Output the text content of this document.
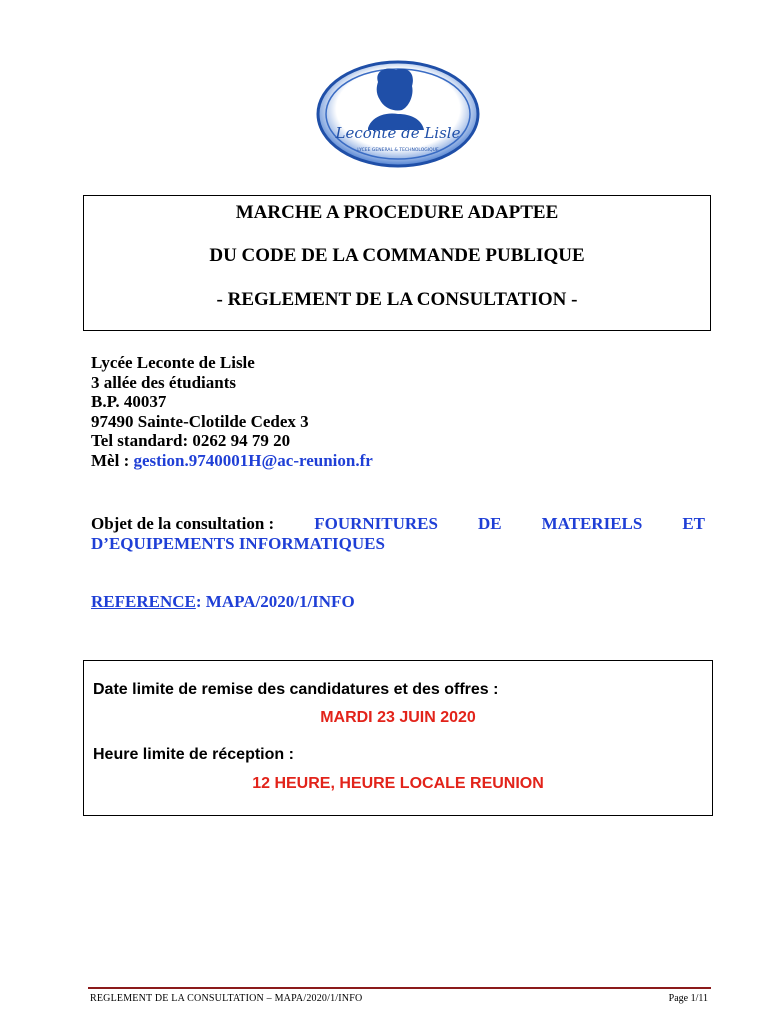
Leconte de Lisle
LYCEE GENERAL & TECHNOLOGIQUE
MARCHE A PROCEDURE ADAPTEE
DU CODE DE LA COMMANDE PUBLIQUE
- REGLEMENT DE LA CONSULTATION -
Lycée Leconte de Lisle
3 allée des étudiants
B.P. 40037
97490 Sainte-Clotilde Cedex 3
Tel standard: 0262 94 79 20
Mèl : gestion.9740001H@ac-reunion.fr
Objet de la consultation : FOURNITURES DE MATERIELS ET
D’EQUIPEMENTS INFORMATIQUES
REFERENCE: MAPA/2020/1/INFO
Date limite de remise des candidatures et des offres :
MARDI 23 JUIN 2020
Heure limite de réception :
12 HEURE, HEURE LOCALE REUNION
REGLEMENT DE LA CONSULTATION – MAPA/2020/1/INFO	Page 1/11
